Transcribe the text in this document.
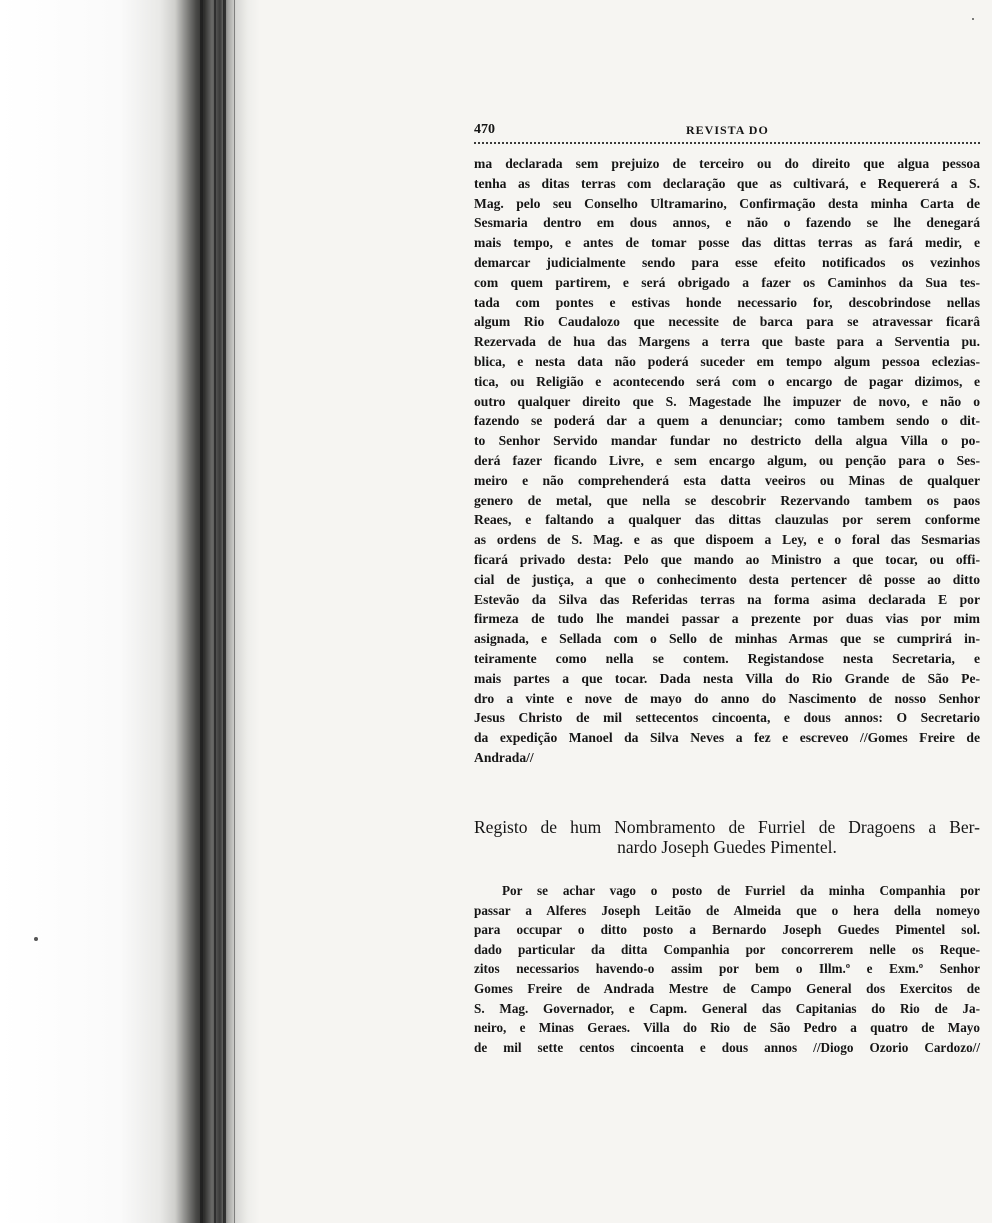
470	REVISTA DO
ma declarada sem prejuizo de terceiro ou do direito que algua pessoa
tenha as ditas terras com declaração que as cultivará, e Requererá a S.
Mag. pelo seu Conselho Ultramarino, Confirmação desta minha Carta de
Sesmaria dentro em dous annos, e não o fazendo se lhe denegará
mais tempo, e antes de tomar posse das dittas terras as fará medir, e
demarcar judicialmente sendo para esse efeito notificados os vezinhos
com quem partirem, e será obrigado a fazer os Caminhos da Sua tes-
tada com pontes e estivas honde necessario for, descobrindose nellas
algum Rio Caudalozo que necessite de barca para se atravessar ficarâ
Rezervada de hua das Margens a terra que baste para a Serventia pu.
blica, e nesta data não poderá suceder em tempo algum pessoa eclezias-
tica, ou Religião e acontecendo será com o encargo de pagar dizimos, e
outro qualquer direito que S. Magestade lhe impuzer de novo, e não o
fazendo se poderá dar a quem a denunciar; como tambem sendo o dit-
to Senhor Servido mandar fundar no destricto della algua Villa o po-
derá fazer ficando Livre, e sem encargo algum, ou penção para o Ses-
meiro e não comprehenderá esta datta veeiros ou Minas de qualquer
genero de metal, que nella se descobrir Rezervando tambem os paos
Reaes, e faltando a qualquer das dittas clauzulas por serem conforme
as ordens de S. Mag. e as que dispoem a Ley, e o foral das Sesmarias
ficará privado desta: Pelo que mando ao Ministro a que tocar, ou offi-
cial de justiça, a que o conhecimento desta pertencer dê posse ao ditto
Estevão da Silva das Referidas terras na forma asima declarada E por
firmeza de tudo lhe mandei passar a prezente por duas vias por mim
asignada, e Sellada com o Sello de minhas Armas que se cumprirá in-
teiramente como nella se contem. Registandose nesta Secretaria, e
mais partes a que tocar. Dada nesta Villa do Rio Grande de São Pe-
dro a vinte e nove de mayo do anno do Nascimento de nosso Senhor
Jesus Christo de mil settecentos cincoenta, e dous annos: O Secretario
da expedição Manoel da Silva Neves a fez e escreveo //Gomes Freire de
Andrada//
Registo de hum Nombramento de Furriel de Dragoens a Ber-
nardo Joseph Guedes Pimentel.
Por se achar vago o posto de Furriel da minha Companhia por
passar a Alferes Joseph Leitão de Almeida que o hera della nomeyo
para occupar o ditto posto a Bernardo Joseph Guedes Pimentel sol.
dado particular da ditta Companhia por concorrerem nelle os Reque-
zitos necessarios havendo-o assim por bem o Illm.º e Exm.º Senhor
Gomes Freire de Andrada Mestre de Campo General dos Exercitos de
S. Mag. Governador, e Capm. General das Capitanias do Rio de Ja-
neiro, e Minas Geraes. Villa do Rio de São Pedro a quatro de Mayo
de mil sette centos cincoenta e dous annos //Diogo Ozorio Cardozo//
